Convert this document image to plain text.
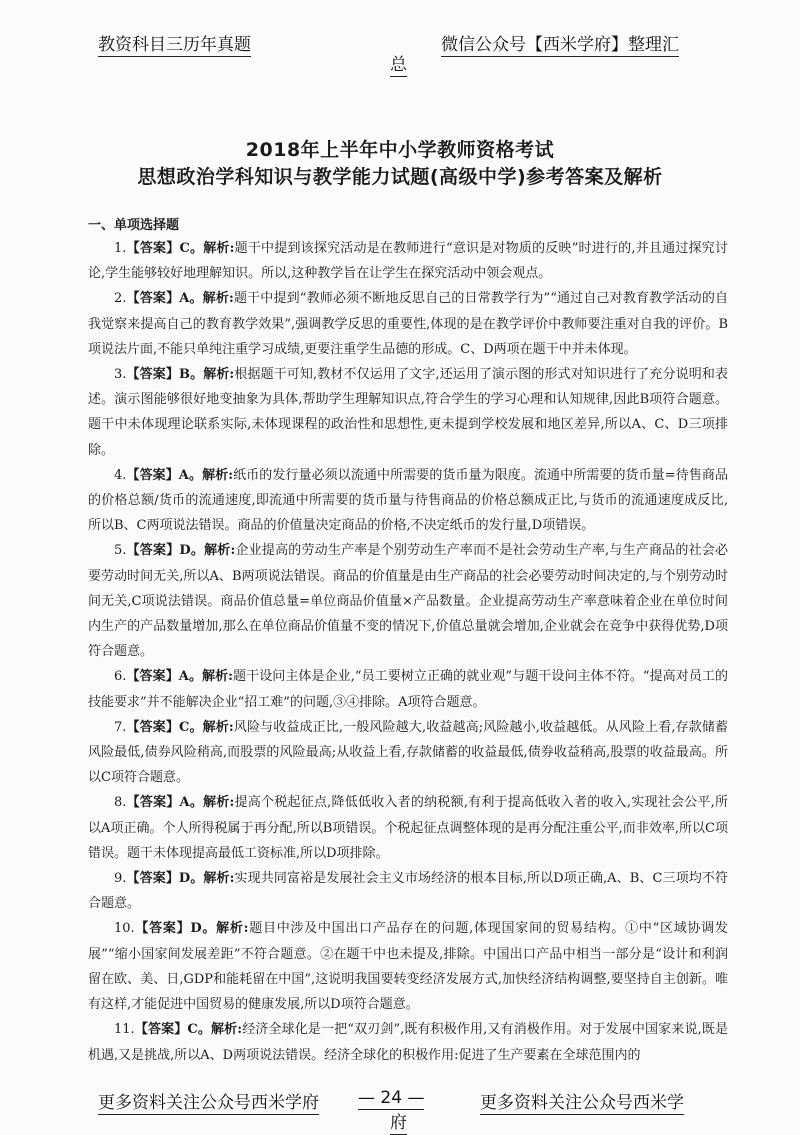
教资科目三历年真题	微信公众号【西米学府】整理汇
总
2018年上半年中小学教师资格考试
思想政治学科知识与教学能力试题(高级中学)参考答案及解析
一、单项选择题

1.【答案】C。解析:题干中提到该探究活动是在教师进行“意识是对物质的反映”时进行的,并且通过探究讨论,学生能够较好地理解知识。所以,这种教学旨在让学生在探究活动中领会观点。

2.【答案】A。解析:题干中提到“教师必须不断地反思自己的日常教学行为”“通过自己对教育教学活动的自我觉察来提高自己的教育教学效果”,强调教学反思的重要性,体现的是在教学评价中教师要注重对自我的评价。B项说法片面,不能只单纯注重学习成绩,更要注重学生品德的形成。C、D两项在题干中并未体现。

3.【答案】B。解析:根据题干可知,教材不仅运用了文字,还运用了演示图的形式对知识进行了充分说明和表述。演示图能够很好地变抽象为具体,帮助学生理解知识点,符合学生的学习心理和认知规律,因此B项符合题意。题干中未体现理论联系实际,未体现课程的政治性和思想性,更未提到学校发展和地区差异,所以A、C、D三项排除。

4.【答案】A。解析:纸币的发行量必须以流通中所需要的货币量为限度。流通中所需要的货币量=待售商品的价格总额/货币的流通速度,即流通中所需要的货币量与待售商品的价格总额成正比,与货币的流通速度成反比,所以B、C两项说法错误。商品的价值量决定商品的价格,不决定纸币的发行量,D项错误。

5.【答案】D。解析:企业提高的劳动生产率是个别劳动生产率而不是社会劳动生产率,与生产商品的社会必要劳动时间无关,所以A、B两项说法错误。商品的价值量是由生产商品的社会必要劳动时间决定的,与个别劳动时间无关,C项说法错误。商品价值总量=单位商品价值量×产品数量。企业提高劳动生产率意味着企业在单位时间内生产的产品数量增加,那么在单位商品价值量不变的情况下,价值总量就会增加,企业就会在竞争中获得优势,D项符合题意。

6.【答案】A。解析:题干设问主体是企业,“员工要树立正确的就业观”与题干设问主体不符。“提高对员工的技能要求”并不能解决企业“招工难”的问题,③④排除。A项符合题意。

7.【答案】C。解析:风险与收益成正比,一般风险越大,收益越高;风险越小,收益越低。从风险上看,存款储蓄风险最低,债券风险稍高,而股票的风险最高;从收益上看,存款储蓄的收益最低,债券收益稍高,股票的收益最高。所以C项符合题意。

8.【答案】A。解析:提高个税起征点,降低低收入者的纳税额,有利于提高低收入者的收入,实现社会公平,所以A项正确。个人所得税属于再分配,所以B项错误。个税起征点调整体现的是再分配注重公平,而非效率,所以C项错误。题干未体现提高最低工资标准,所以D项排除。

9.【答案】D。解析:实现共同富裕是发展社会主义市场经济的根本目标,所以D项正确,A、B、C三项均不符合题意。

10.【答案】D。解析:题目中涉及中国出口产品存在的问题,体现国家间的贸易结构。①中“区域协调发展”“缩小国家间发展差距”不符合题意。②在题干中也未提及,排除。中国出口产品中相当一部分是“设计和利润留在欧、美、日,GDP和能耗留在中国”,这说明我国要转变经济发展方式,加快经济结构调整,要坚持自主创新。唯有这样,才能促进中国贸易的健康发展,所以D项符合题意。

11.【答案】C。解析:经济全球化是一把“双刃剑”,既有积极作用,又有消极作用。对于发展中国家来说,既是机遇,又是挑战,所以A、D两项说法错误。经济全球化的积极作用:促进了生产要素在全球范围内的

更多资料关注公众号西米学府 — 24 —	更多资料关注公众号西米学
府
